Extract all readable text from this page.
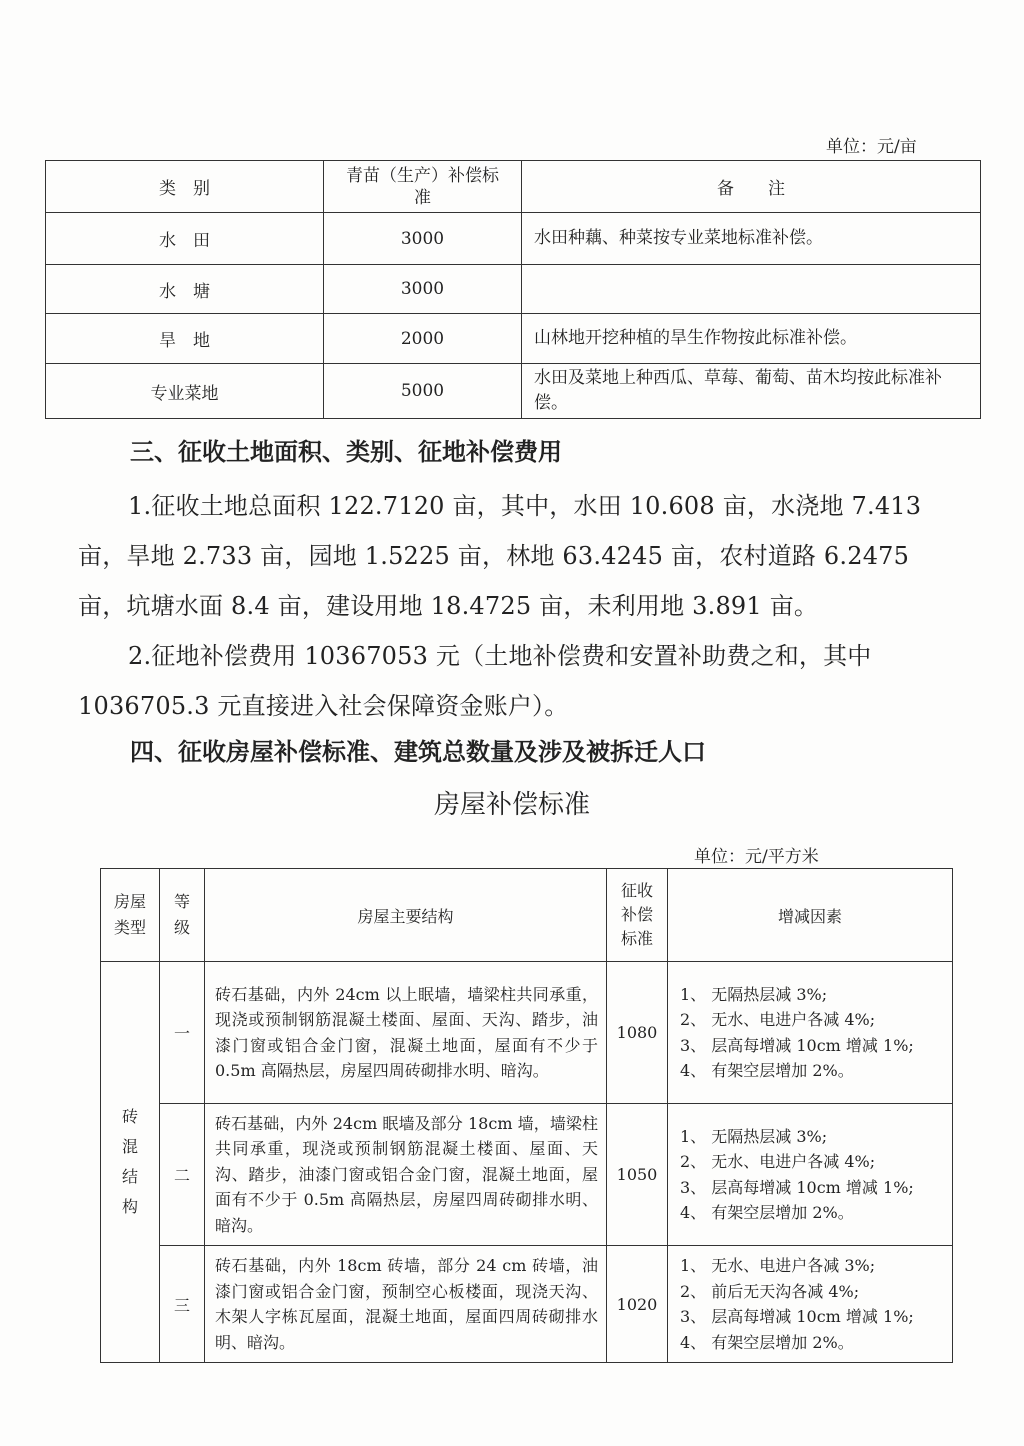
单位：元/亩
类　别	青苗（生产）补偿标准	备　　注
水　田	3000	水田种藕、种菜按专业菜地标准补偿。
水　塘	3000	
旱　地	2000	山林地开挖种植的旱生作物按此标准补偿。
专业菜地	5000	水田及菜地上种西瓜、草莓、葡萄、苗木均按此标准补偿。
三、征收土地面积、类别、征地补偿费用
1.征收土地总面积 122.7120 亩，其中，水田 10.608 亩，水浇地 7.413
亩，旱地 2.733 亩，园地 1.5225 亩，林地 63.4245 亩，农村道路 6.2475
亩，坑塘水面 8.4 亩，建设用地 18.4725 亩，未利用地 3.891 亩。
2.征地补偿费用 10367053 元（土地补偿费和安置补助费之和，其中
1036705.3 元直接进入社会保障资金账户）。
四、征收房屋补偿标准、建筑总数量及涉及被拆迁人口
房屋补偿标准
单位：元/平方米
房屋类型	等级	房屋主要结构	征收补偿标准	增减因素
砖混结构	一	砖石基础，内外 24cm 以上眠墙，墙梁柱共同承重，现浇或预制钢筋混凝土楼面、屋面、天沟、踏步，油漆门窗或铝合金门窗，混凝土地面，屋面有不少于 0.5m 高隔热层，房屋四周砖砌排水明、暗沟。	1080	1、 无隔热层减 3%;
2、 无水、电进户各减 4%;
3、 层高每增减 10cm 增减 1%;
4、 有架空层增加 2%。

	二	砖石基础，内外 24cm 眠墙及部分 18cm 墙，墙梁柱共同承重，现浇或预制钢筋混凝土楼面、屋面、天沟、踏步，油漆门窗或铝合金门窗，混凝土地面，屋面有不少于 0.5m 高隔热层，房屋四周砖砌排水明、暗沟。	1050	1、 无隔热层减 3%;
2、 无水、电进户各减 4%;
3、 层高每增减 10cm 增减 1%;
4、 有架空层增加 2%。

	三	砖石基础，内外 18cm 砖墙，部分 24 cm 砖墙，油漆门窗或铝合金门窗，预制空心板楼面，现浇天沟、木架人字栋瓦屋面，混凝土地面，屋面四周砖砌排水明、暗沟。	1020	1、 无水、电进户各减 3%;
2、 前后无天沟各减 4%;
3、 层高每增减 10cm 增减 1%;
4、 有架空层增加 2%。
